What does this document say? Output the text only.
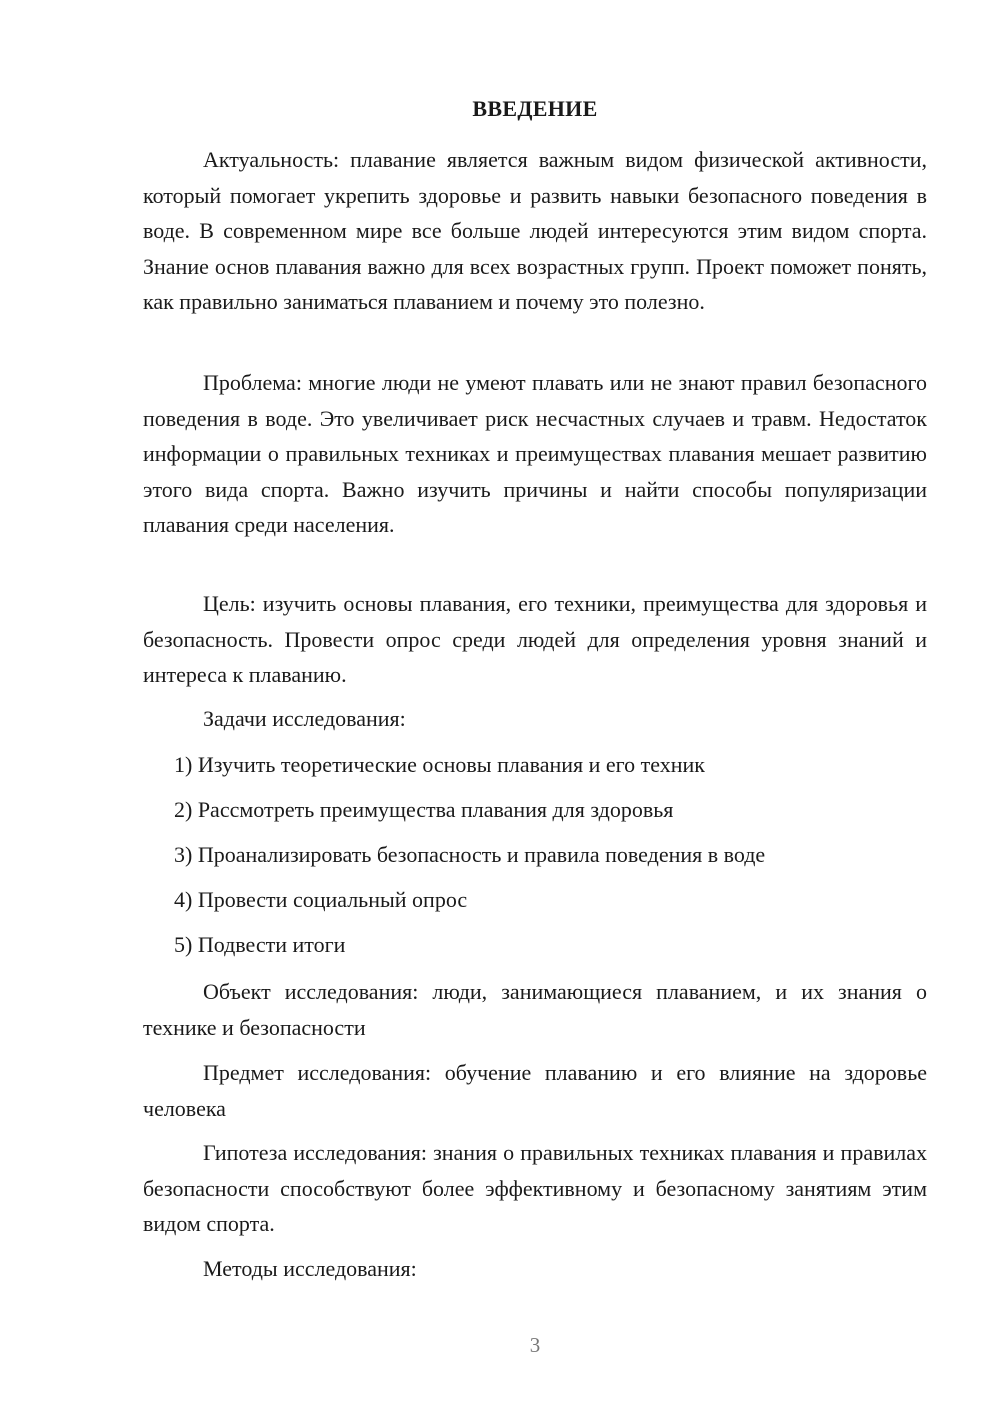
ВВЕДЕНИЕ

Актуальность: плавание является важным видом физической активности, который помогает укрепить здоровье и развить навыки безопасного поведения в воде. В современном мире все больше людей интересуются этим видом спорта. Знание основ плавания важно для всех возрастных групп. Проект поможет понять, как правильно заниматься плаванием и почему это полезно.

Проблема: многие люди не умеют плавать или не знают правил безопасного поведения в воде. Это увеличивает риск несчастных случаев и травм. Недостаток информации о правильных техниках и преимуществах плавания мешает развитию этого вида спорта. Важно изучить причины и найти способы популяризации плавания среди населения.

Цель: изучить основы плавания, его техники, преимущества для здоровья и безопасность. Провести опрос среди людей для определения уровня знаний и интереса к плаванию.

Задачи исследования:

1) Изучить теоретические основы плавания и его техник

2) Рассмотреть преимущества плавания для здоровья

3) Проанализировать безопасность и правила поведения в воде

4) Провести социальный опрос

5) Подвести итоги

Объект исследования: люди, занимающиеся плаванием, и их знания о технике и безопасности

Предмет исследования: обучение плаванию и его влияние на здоровье человека

Гипотеза исследования: знания о правильных техниках плавания и правилах безопасности способствуют более эффективному и безопасному занятиям этим видом спорта.

Методы исследования:

3
